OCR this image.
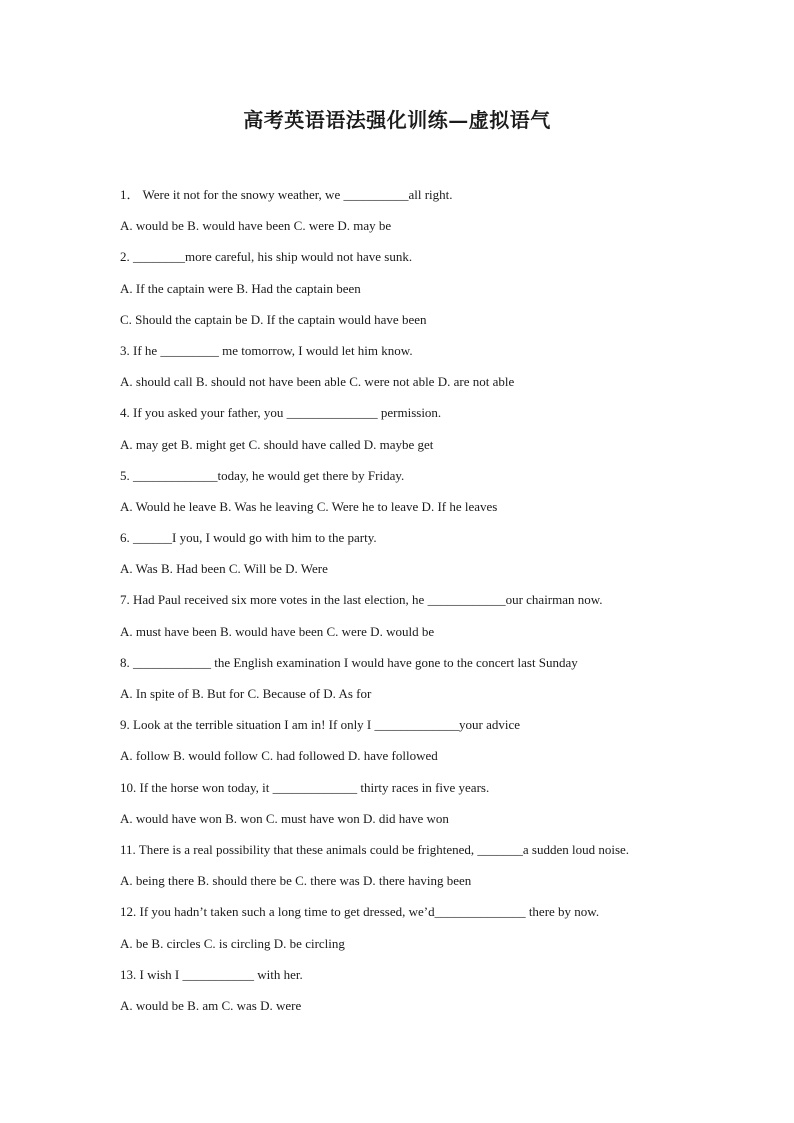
高考英语语法强化训练—虚拟语气
1． Were it not for the snowy weather, we __________all right.
A. would be B. would have been C. were D. may be
2. ________more careful, his ship would not have sunk.
A. If the captain were B. Had the captain been
C. Should the captain be D. If the captain would have been
3. If he _________ me tomorrow, I would let him know.
A. should call B. should not have been able C. were not able D. are not able
4. If you asked your father, you ______________ permission.
A. may get B. might get C. should have called D. maybe get
5. _____________today, he would get there by Friday.
A. Would he leave B. Was he leaving C. Were he to leave D. If he leaves
6. ______I you, I would go with him to the party.
A. Was B. Had been C. Will be D. Were
7. Had Paul received six more votes in the last election, he ____________our chairman now.
A. must have been B. would have been C. were D. would be
8. ____________ the English examination I would have gone to the concert last Sunday
A. In spite of B. But for C. Because of D. As for
9. Look at the terrible situation I am in! If only I _____________your advice
A. follow B. would follow C. had followed D. have followed
10. If the horse won today, it _____________ thirty races in five years.
A. would have won B. won C. must have won D. did have won
11. There is a real possibility that these animals could be frightened, _______a sudden loud noise.
A. being there B. should there be C. there was D. there having been
12. If you hadn’t taken such a long time to get dressed, we’d______________ there by now.
A. be B. circles C. is circling D. be circling
13. I wish I ___________ with her.
A. would be B. am C. was D. were
